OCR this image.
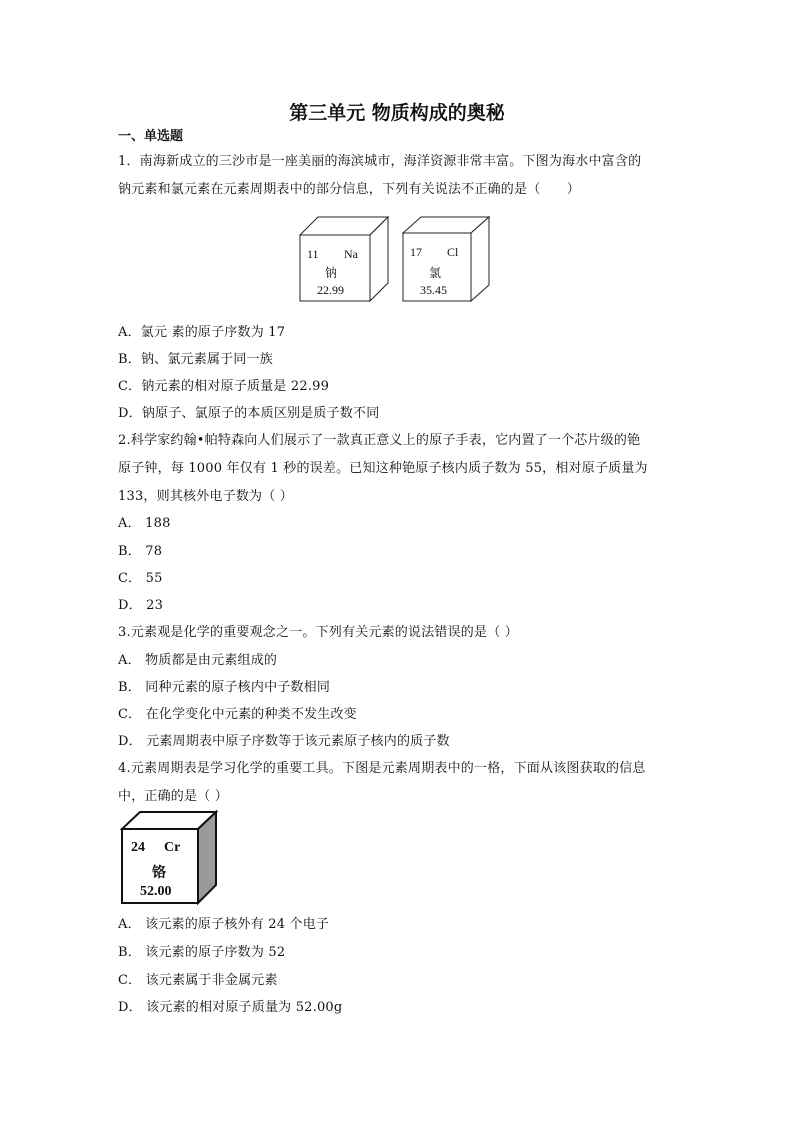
第三单元 物质构成的奥秘
一、单选题
1．南海新成立的三沙市是一座美丽的海滨城市，海洋资源非常丰富。下图为海水中富含的
钠元素和氯元素在元素周期表中的部分信息，下列有关说法不正确的是（　　）
11 Na
钠
22.99
17 Cl
氯
35.45
A．氯元 素的原子序数为 17
B．钠、氯元素属于同一族
C．钠元素的相对原子质量是 22.99
D．钠原子、氯原子的本质区别是质子数不同
2.科学家约翰•帕特森向人们展示了一款真正意义上的原子手表，它内置了一个芯片级的铯
原子钟，每 1000 年仅有 1 秒的误差。已知这种铯原子核内质子数为 55，相对原子质量为
133，则其核外电子数为（ ）
A． 188
B． 78
C． 55
D． 23
3.元素观是化学的重要观念之一。下列有关元素的说法错误的是（ ）
A． 物质都是由元素组成的
B． 同种元素的原子核内中子数相同
C． 在化学变化中元素的种类不发生改变
D． 元素周期表中原子序数等于该元素原子核内的质子数
4.元素周期表是学习化学的重要工具。下图是元素周期表中的一格，下面从该图获取的信息
中，正确的是（ ）
24 Cr
铬
52.00
A． 该元素的原子核外有 24 个电子
B． 该元素的原子序数为 52
C． 该元素属于非金属元素
D． 该元素的相对原子质量为 52.00g
